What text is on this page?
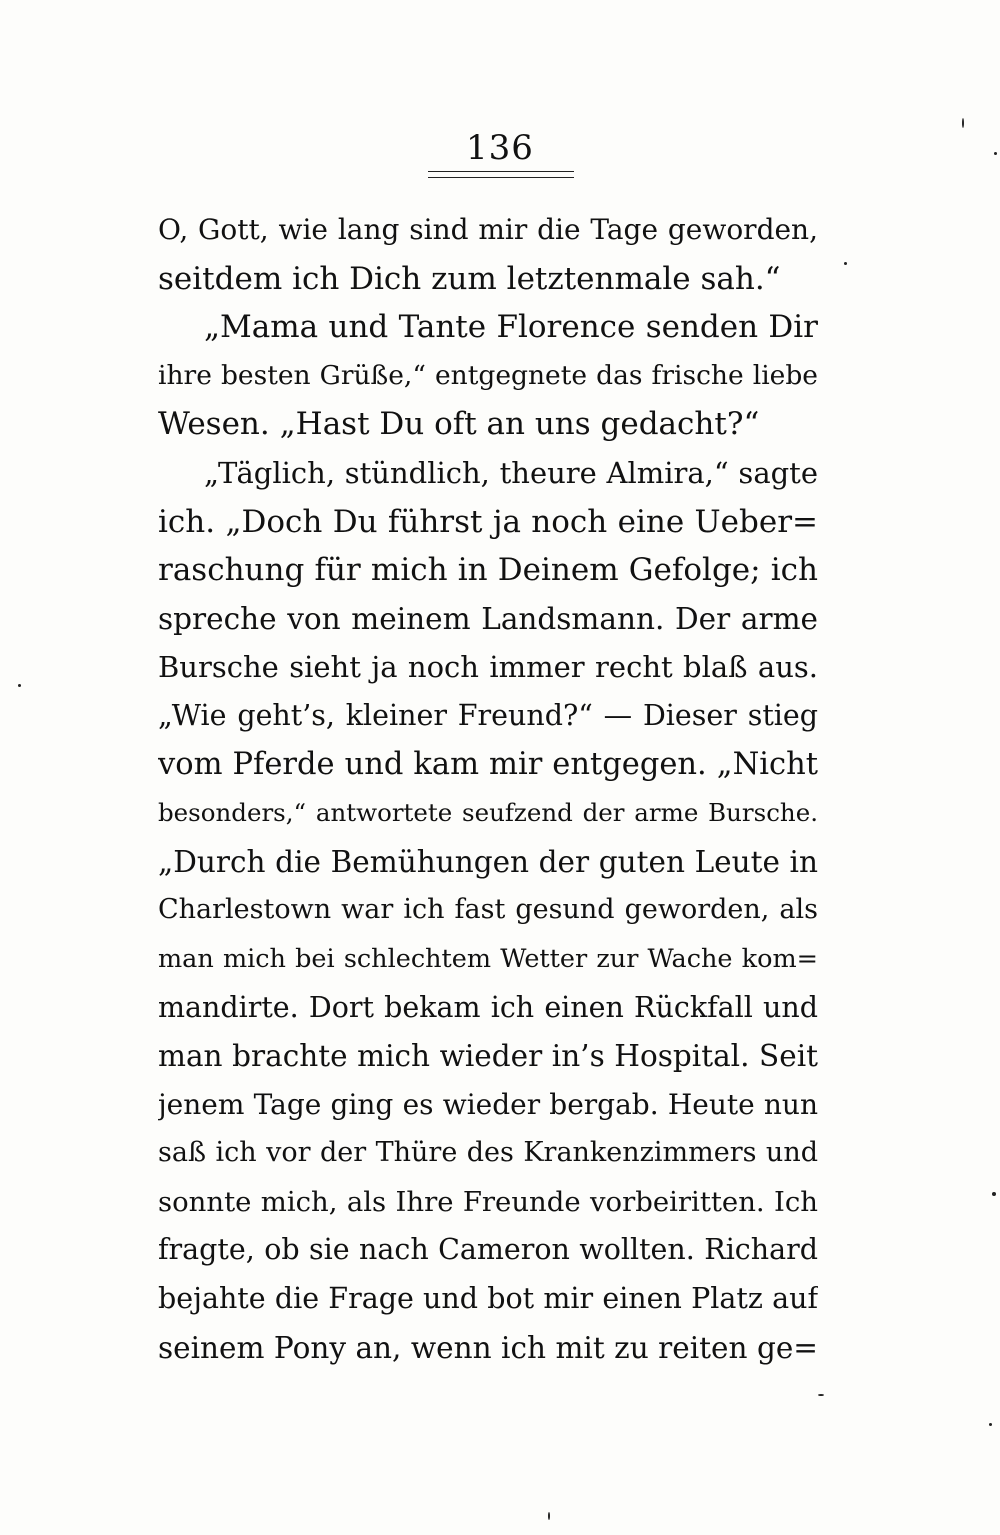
136
O, Gott, wie lang sind mir die Tage geworden,
seitdem ich Dich zum letztenmale sah.“
„Mama und Tante Florence senden Dir
ihre besten Grüße,“ entgegnete das frische liebe
Wesen. „Hast Du oft an uns gedacht?“
„Täglich, stündlich, theure Almira,“ sagte
ich. „Doch Du führst ja noch eine Ueber=
raschung für mich in Deinem Gefolge; ich
spreche von meinem Landsmann. Der arme
Bursche sieht ja noch immer recht blaß aus.
„Wie geht’s, kleiner Freund?“ — Dieser stieg
vom Pferde und kam mir entgegen. „Nicht
besonders,“ antwortete seufzend der arme Bursche.
„Durch die Bemühungen der guten Leute in
Charlestown war ich fast gesund geworden, als
man mich bei schlechtem Wetter zur Wache kom=
mandirte. Dort bekam ich einen Rückfall und
man brachte mich wieder in’s Hospital. Seit
jenem Tage ging es wieder bergab. Heute nun
saß ich vor der Thüre des Krankenzimmers und
sonnte mich, als Ihre Freunde vorbeiritten. Ich
fragte, ob sie nach Cameron wollten. Richard
bejahte die Frage und bot mir einen Platz auf
seinem Pony an, wenn ich mit zu reiten ge=
